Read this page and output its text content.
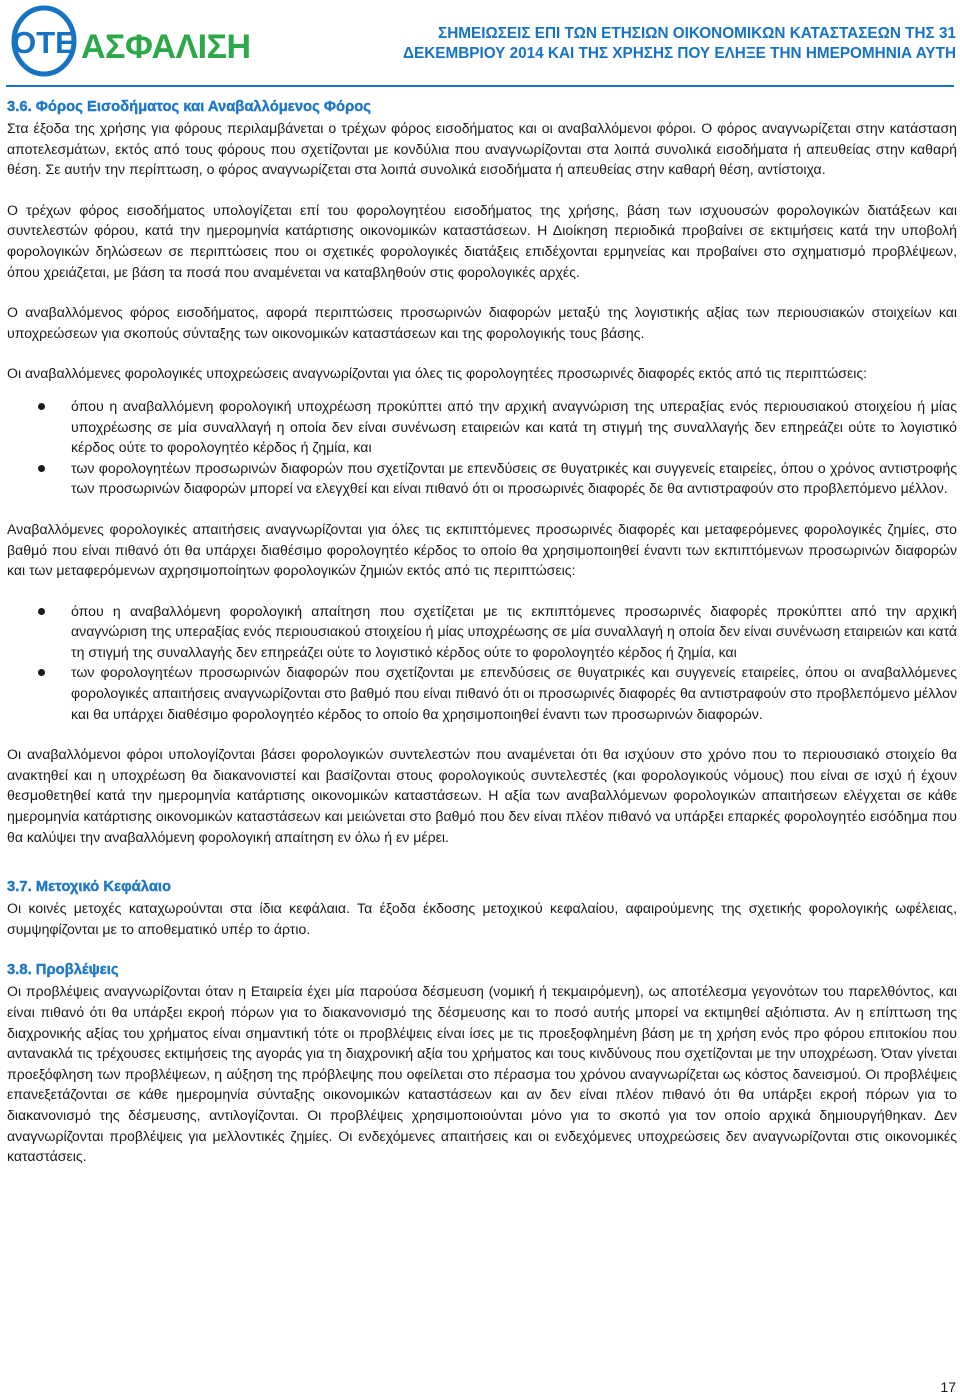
ΟΤΕ ΑΣΦΑΛΙΣΗ	ΣΗΜΕΙΩΣΕΙΣ ΕΠΙ ΤΩΝ ΕΤΗΣΙΩΝ ΟΙΚΟΝΟΜΙΚΩΝ ΚΑΤΑΣΤΑΣΕΩΝ ΤΗΣ 31
ΔΕΚΕΜΒΡΙΟΥ 2014 ΚΑΙ ΤΗΣ ΧΡΗΣΗΣ ΠΟΥ ΕΛΗΞΕ ΤΗΝ ΗΜΕΡΟΜΗΝΙΑ ΑΥΤΗ
3.6. Φόρος Εισοδήματος και Αναβαλλόμενος Φόρος

Στα έξοδα της χρήσης για φόρους περιλαμβάνεται ο τρέχων φόρος εισοδήματος και οι αναβαλλόμενοι φόροι. Ο φόρος αναγνωρίζεται στην κατάσταση αποτελεσμάτων, εκτός από τους φόρους που σχετίζονται με κονδύλια που αναγνωρίζονται στα λοιπά συνολικά εισοδήματα ή απευθείας στην καθαρή θέση. Σε αυτήν την περίπτωση, ο φόρος αναγνωρίζεται στα λοιπά συνολικά εισοδήματα ή απευθείας στην καθαρή θέση, αντίστοιχα.

Ο τρέχων φόρος εισοδήματος υπολογίζεται επί του φορολογητέου εισοδήματος της χρήσης, βάση των ισχυουσών φορολογικών διατάξεων και συντελεστών φόρου, κατά την ημερομηνία κατάρτισης οικονομικών καταστάσεων. Η Διοίκηση περιοδικά προβαίνει σε εκτιμήσεις κατά την υποβολή φορολογικών δηλώσεων σε περιπτώσεις που οι σχετικές φορολογικές διατάξεις επιδέχονται ερμηνείας και προβαίνει στο σχηματισμό προβλέψεων, όπου χρειάζεται, με βάση τα ποσά που αναμένεται να καταβληθούν στις φορολογικές αρχές.

Ο αναβαλλόμενος φόρος εισοδήματος, αφορά περιπτώσεις προσωρινών διαφορών μεταξύ της λογιστικής αξίας των περιουσιακών στοιχείων και υποχρεώσεων για σκοπούς σύνταξης των οικονομικών καταστάσεων και της φορολογικής τους βάσης.

Οι αναβαλλόμενες φορολογικές υποχρεώσεις αναγνωρίζονται για όλες τις φορολογητέες προσωρινές διαφορές εκτός από τις περιπτώσεις:

όπου η αναβαλλόμενη φορολογική υποχρέωση προκύπτει από την αρχική αναγνώριση της υπεραξίας ενός περιουσιακού στοιχείου ή μίας υποχρέωσης σε μία συναλλαγή η οποία δεν είναι συνένωση εταιρειών και κατά τη στιγμή της συναλλαγής δεν επηρεάζει ούτε το λογιστικό κέρδος ούτε το φορολογητέο κέρδος ή ζημία, και
των φορολογητέων προσωρινών διαφορών που σχετίζονται με επενδύσεις σε θυγατρικές και συγγενείς εταιρείες, όπου ο χρόνος αντιστροφής των προσωρινών διαφορών μπορεί να ελεγχθεί και είναι πιθανό ότι οι προσωρινές διαφορές δε θα αντιστραφούν στο προβλεπόμενο μέλλον.

Αναβαλλόμενες φορολογικές απαιτήσεις αναγνωρίζονται για όλες τις εκπιπτόμενες προσωρινές διαφορές και μεταφερόμενες φορολογικές ζημίες, στο βαθμό που είναι πιθανό ότι θα υπάρχει διαθέσιμο φορολογητέο κέρδος το οποίο θα χρησιμοποιηθεί έναντι των εκπιπτόμενων προσωρινών διαφορών και των μεταφερόμενων αχρησιμοποίητων φορολογικών ζημιών εκτός από τις περιπτώσεις:

όπου η αναβαλλόμενη φορολογική απαίτηση που σχετίζεται με τις εκπιπτόμενες προσωρινές διαφορές προκύπτει από την αρχική αναγνώριση της υπεραξίας ενός περιουσιακού στοιχείου ή μίας υποχρέωσης σε μία συναλλαγή η οποία δεν είναι συνένωση εταιρειών και κατά τη στιγμή της συναλλαγής δεν επηρεάζει ούτε το λογιστικό κέρδος ούτε το φορολογητέο κέρδος ή ζημία, και
των φορολογητέων προσωρινών διαφορών που σχετίζονται με επενδύσεις σε θυγατρικές και συγγενείς εταιρείες, όπου οι αναβαλλόμενες φορολογικές απαιτήσεις αναγνωρίζονται στο βαθμό που είναι πιθανό ότι οι προσωρινές διαφορές θα αντιστραφούν στο προβλεπόμενο μέλλον και θα υπάρχει διαθέσιμο φορολογητέο κέρδος το οποίο θα χρησιμοποιηθεί έναντι των προσωρινών διαφορών.

Οι αναβαλλόμενοι φόροι υπολογίζονται βάσει φορολογικών συντελεστών που αναμένεται ότι θα ισχύουν στο χρόνο που το περιουσιακό στοιχείο θα ανακτηθεί και η υποχρέωση θα διακανονιστεί και βασίζονται στους φορολογικούς συντελεστές (και φορολογικούς νόμους) που είναι σε ισχύ ή έχουν θεσμοθετηθεί κατά την ημερομηνία κατάρτισης οικονομικών καταστάσεων. Η αξία των αναβαλλόμενων φορολογικών απαιτήσεων ελέγχεται σε κάθε ημερομηνία κατάρτισης οικονομικών καταστάσεων και μειώνεται στο βαθμό που δεν είναι πλέον πιθανό να υπάρξει επαρκές φορολογητέο εισόδημα που θα καλύψει την αναβαλλόμενη φορολογική απαίτηση εν όλω ή εν μέρει.

3.7. Μετοχικό Κεφάλαιο

Οι κοινές μετοχές καταχωρούνται στα ίδια κεφάλαια. Τα έξοδα έκδοσης μετοχικού κεφαλαίου, αφαιρούμενης της σχετικής φορολογικής ωφέλειας, συμψηφίζονται με το αποθεματικό υπέρ το άρτιο.

3.8. Προβλέψεις

Οι προβλέψεις αναγνωρίζονται όταν η Εταιρεία έχει μία παρούσα δέσμευση (νομική ή τεκμαιρόμενη), ως αποτέλεσμα γεγονότων του παρελθόντος, και είναι πιθανό ότι θα υπάρξει εκροή πόρων για το διακανονισμό της δέσμευσης και το ποσό αυτής μπορεί να εκτιμηθεί αξιόπιστα. Αν η επίπτωση της διαχρονικής αξίας του χρήματος είναι σημαντική τότε οι προβλέψεις είναι ίσες με τις προεξοφλημένη βάση με τη χρήση ενός προ φόρου επιτοκίου που αντανακλά τις τρέχουσες εκτιμήσεις της αγοράς για τη διαχρονική αξία του χρήματος και τους κινδύνους που σχετίζονται με την υποχρέωση. Όταν γίνεται προεξόφληση των προβλέψεων, η αύξηση της πρόβλεψης που οφείλεται στο πέρασμα του χρόνου αναγνωρίζεται ως κόστος δανεισμού. Οι προβλέψεις επανεξετάζονται σε κάθε ημερομηνία σύνταξης οικονομικών καταστάσεων και αν δεν είναι πλέον πιθανό ότι θα υπάρξει εκροή πόρων για το διακανονισμό της δέσμευσης, αντιλογίζονται. Οι προβλέψεις χρησιμοποιούνται μόνο για το σκοπό για τον οποίο αρχικά δημιουργήθηκαν. Δεν αναγνωρίζονται προβλέψεις για μελλοντικές ζημίες. Οι ενδεχόμενες απαιτήσεις και οι ενδεχόμενες υποχρεώσεις δεν αναγνωρίζονται στις οικονομικές καταστάσεις.

17
